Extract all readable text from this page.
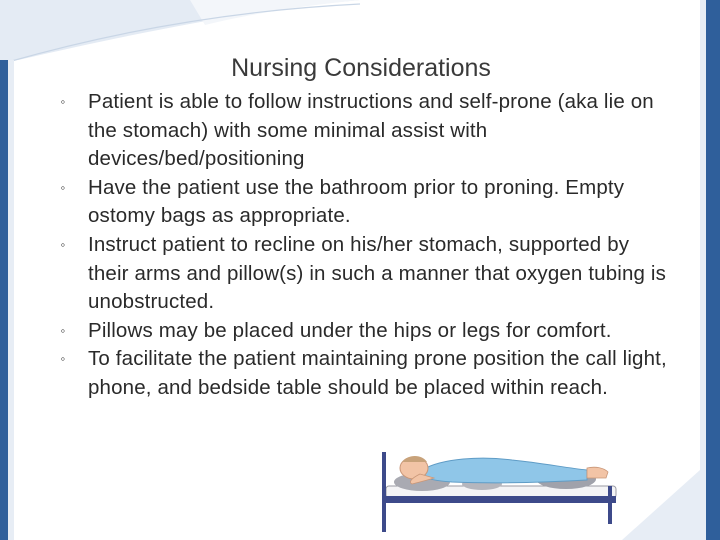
Nursing Considerations
◦ Patient is able to follow instructions and self-prone (aka lie on the stomach) with some minimal assist with devices/bed/positioning
◦ Have the patient use the bathroom prior to proning. Empty ostomy bags as appropriate.
◦ Instruct patient to recline on his/her stomach, supported by their arms and pillow(s) in such a manner that oxygen tubing is unobstructed.
◦ Pillows may be placed under the hips or legs for comfort.
◦ To facilitate the patient maintaining prone position the call light, phone, and bedside table should be placed within reach.
